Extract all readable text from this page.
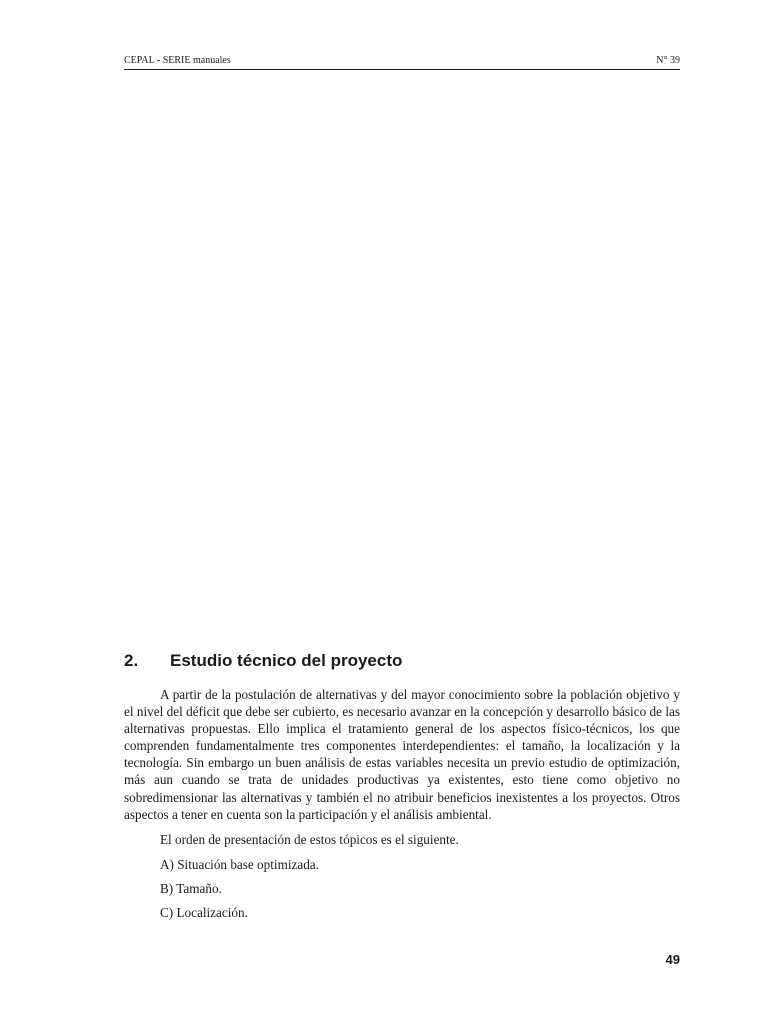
CEPAL - SERIE manuales	N° 39
2. Estudio técnico del proyecto

A partir de la postulación de alternativas y del mayor conocimiento sobre la población objetivo y el nivel del déficit que debe ser cubierto, es necesario avanzar en la concepción y desarrollo básico de las alternativas propuestas. Ello implica el tratamiento general de los aspectos físico-técnicos, los que comprenden fundamentalmente tres componentes interdependientes: el tamaño, la localización y la tecnología. Sin embargo un buen análisis de estas variables necesita un previo estudio de optimización, más aun cuando se trata de unidades productivas ya existentes, esto tiene como objetivo no sobredimensionar las alternativas y también el no atribuir beneficios inexistentes a los proyectos. Otros aspectos a tener en cuenta son la participación y el análisis ambiental.

El orden de presentación de estos tópicos es el siguiente.

A) Situación base optimizada.

B) Tamaño.

C) Localización.

49
